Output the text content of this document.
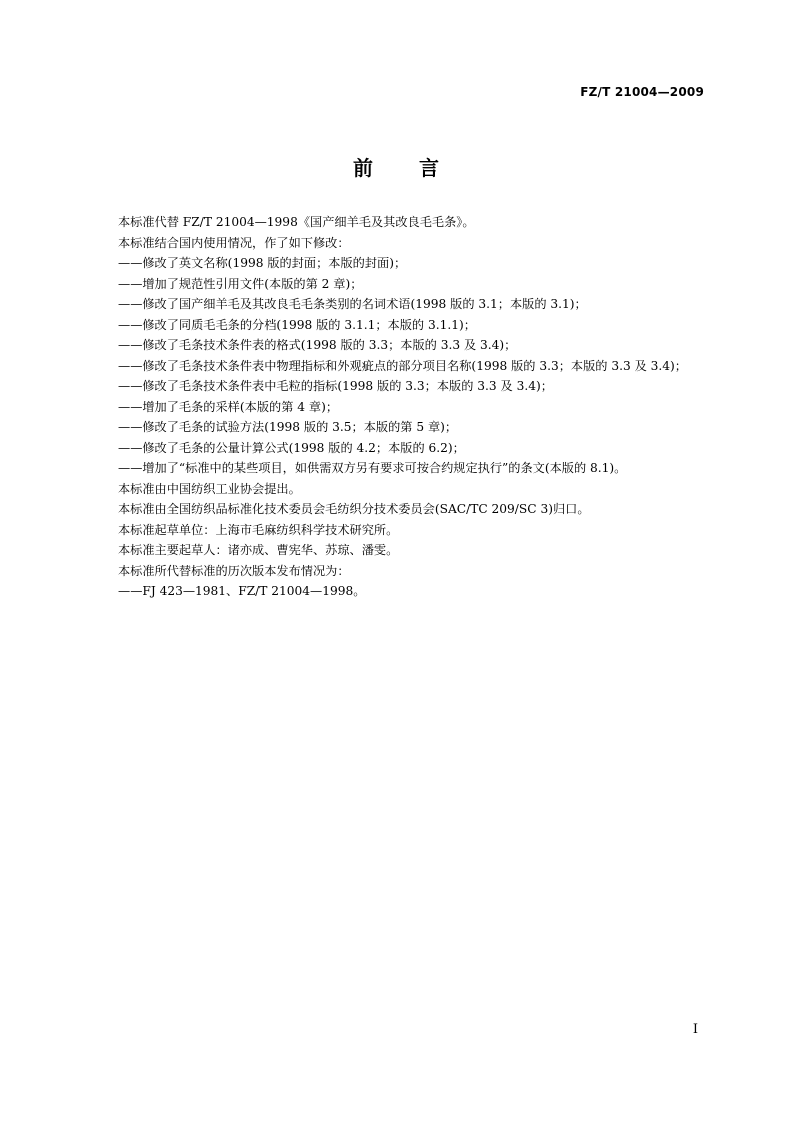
FZ/T 21004—2009
前　　言
本标准代替 FZ/T 21004—1998《国产细羊毛及其改良毛毛条》。
本标准结合国内使用情况，作了如下修改：
——修改了英文名称(1998 版的封面；本版的封面)；
——增加了规范性引用文件(本版的第 2 章)；
——修改了国产细羊毛及其改良毛毛条类别的名词术语(1998 版的 3.1；本版的 3.1)；
——修改了同质毛毛条的分档(1998 版的 3.1.1；本版的 3.1.1)；
——修改了毛条技术条件表的格式(1998 版的 3.3；本版的 3.3 及 3.4)；
——修改了毛条技术条件表中物理指标和外观疵点的部分项目名称(1998 版的 3.3；本版的 3.3 及 3.4)；
——修改了毛条技术条件表中毛粒的指标(1998 版的 3.3；本版的 3.3 及 3.4)；
——增加了毛条的采样(本版的第 4 章)；
——修改了毛条的试验方法(1998 版的 3.5；本版的第 5 章)；
——修改了毛条的公量计算公式(1998 版的 4.2；本版的 6.2)；
——增加了“标准中的某些项目，如供需双方另有要求可按合约规定执行”的条文(本版的 8.1)。
本标准由中国纺织工业协会提出。
本标准由全国纺织品标准化技术委员会毛纺织分技术委员会(SAC/TC 209/SC 3)归口。
本标准起草单位：上海市毛麻纺织科学技术研究所。
本标准主要起草人：诸亦成、曹宪华、苏琼、潘雯。
本标准所代替标准的历次版本发布情况为：
——FJ 423—1981、FZ/T 21004—1998。
I
